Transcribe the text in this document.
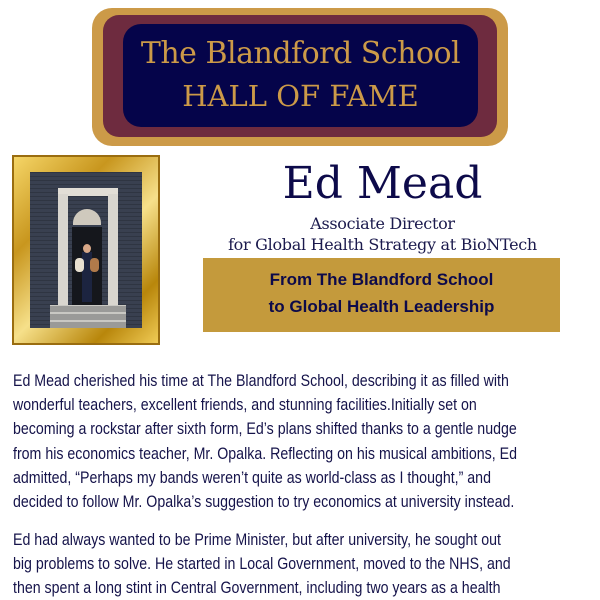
The Blandford School
HALL OF FAME
Ed Mead
Associate Director
for Global Health Strategy at BioNTech
From The Blandford School
to Global Health Leadership
Ed Mead cherished his time at The Blandford School, describing it as filled with
wonderful teachers, excellent friends, and stunning facilities.Initially set on
becoming a rockstar after sixth form, Ed’s plans shifted thanks to a gentle nudge
from his economics teacher, Mr. Opalka. Reflecting on his musical ambitions, Ed
admitted, “Perhaps my bands weren’t quite as world-class as I thought,” and
decided to follow Mr. Opalka’s suggestion to try economics at university instead.
Ed had always wanted to be Prime Minister, but after university, he sought out
big problems to solve. He started in Local Government, moved to the NHS, and
then spent a long stint in Central Government, including two years as a health
